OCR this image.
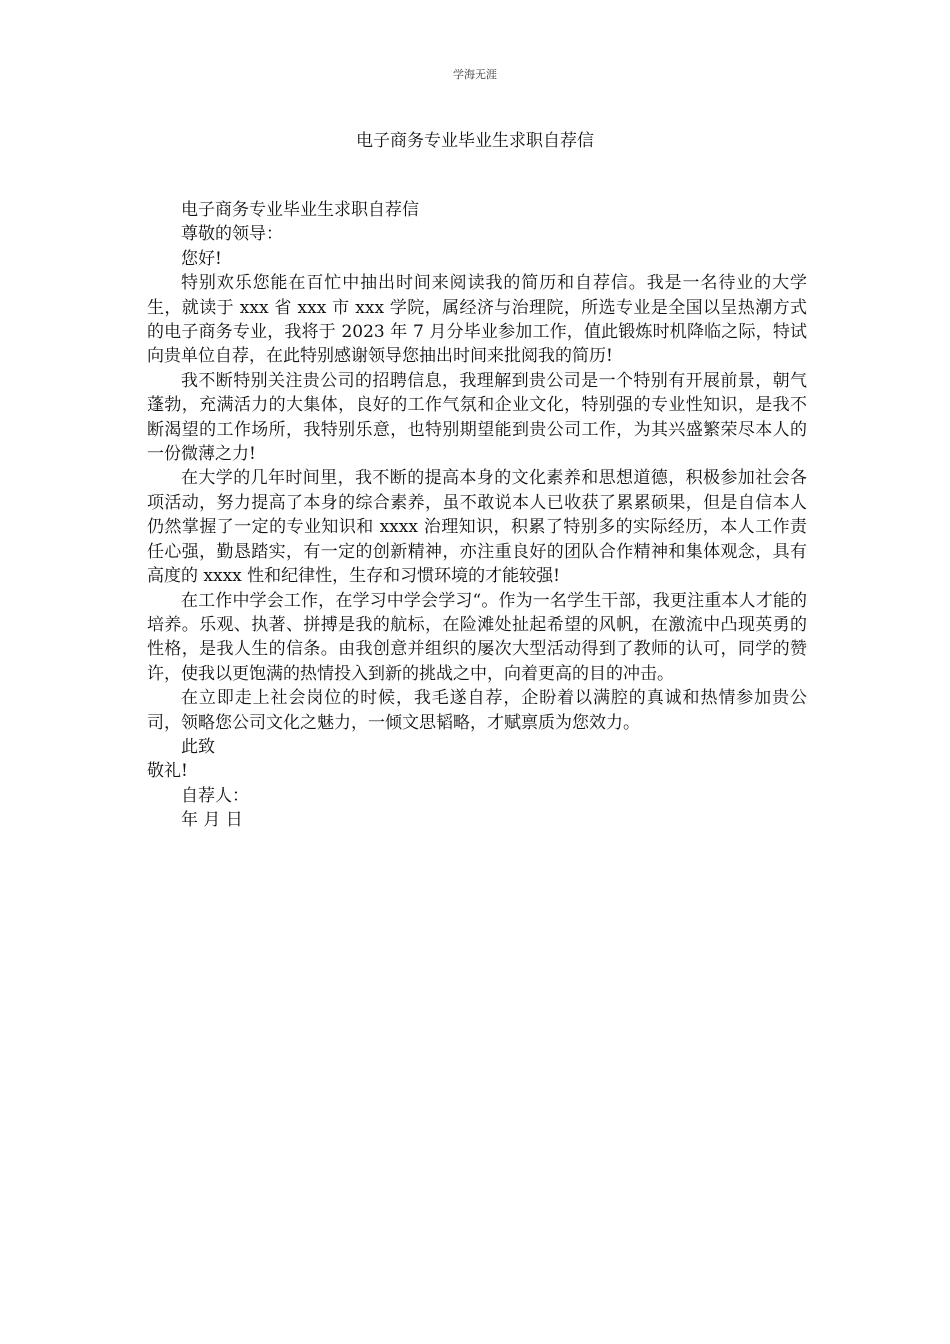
学海无涯
电子商务专业毕业生求职自荐信

电子商务专业毕业生求职自荐信

尊敬的领导：

您好!

特别欢乐您能在百忙中抽出时间来阅读我的简历和自荐信。我是一名待业的大学生，就读于 xxx 省 xxx 市 xxx 学院，属经济与治理院，所选专业是全国以呈热潮方式的电子商务专业，我将于 2023 年 7 月分毕业参加工作，值此锻炼时机降临之际，特试向贵单位自荐，在此特别感谢领导您抽出时间来批阅我的简历!

我不断特别关注贵公司的招聘信息，我理解到贵公司是一个特别有开展前景，朝气蓬勃，充满活力的大集体，良好的工作气氛和企业文化，特别强的专业性知识，是我不断渴望的工作场所，我特别乐意，也特别期望能到贵公司工作，为其兴盛繁荣尽本人的一份微薄之力!

在大学的几年时间里，我不断的提高本身的文化素养和思想道德，积极参加社会各项活动，努力提高了本身的综合素养，虽不敢说本人已收获了累累硕果，但是自信本人仍然掌握了一定的专业知识和 xxxx 治理知识，积累了特别多的实际经历，本人工作责任心强，勤恳踏实，有一定的创新精神，亦注重良好的团队合作精神和集体观念，具有高度的 xxxx 性和纪律性，生存和习惯环境的才能较强!

在工作中学会工作，在学习中学会学习“。作为一名学生干部，我更注重本人才能的培养。乐观、执著、拼搏是我的航标，在险滩处扯起希望的风帆，在激流中凸现英勇的性格，是我人生的信条。由我创意并组织的屡次大型活动得到了教师的认可，同学的赞许，使我以更饱满的热情投入到新的挑战之中，向着更高的目的冲击。

在立即走上社会岗位的时候，我毛遂自荐，企盼着以满腔的真诚和热情参加贵公司，领略您公司文化之魅力，一倾文思韬略，才赋禀质为您效力。

此致

敬礼!

自荐人：

年 月 日
